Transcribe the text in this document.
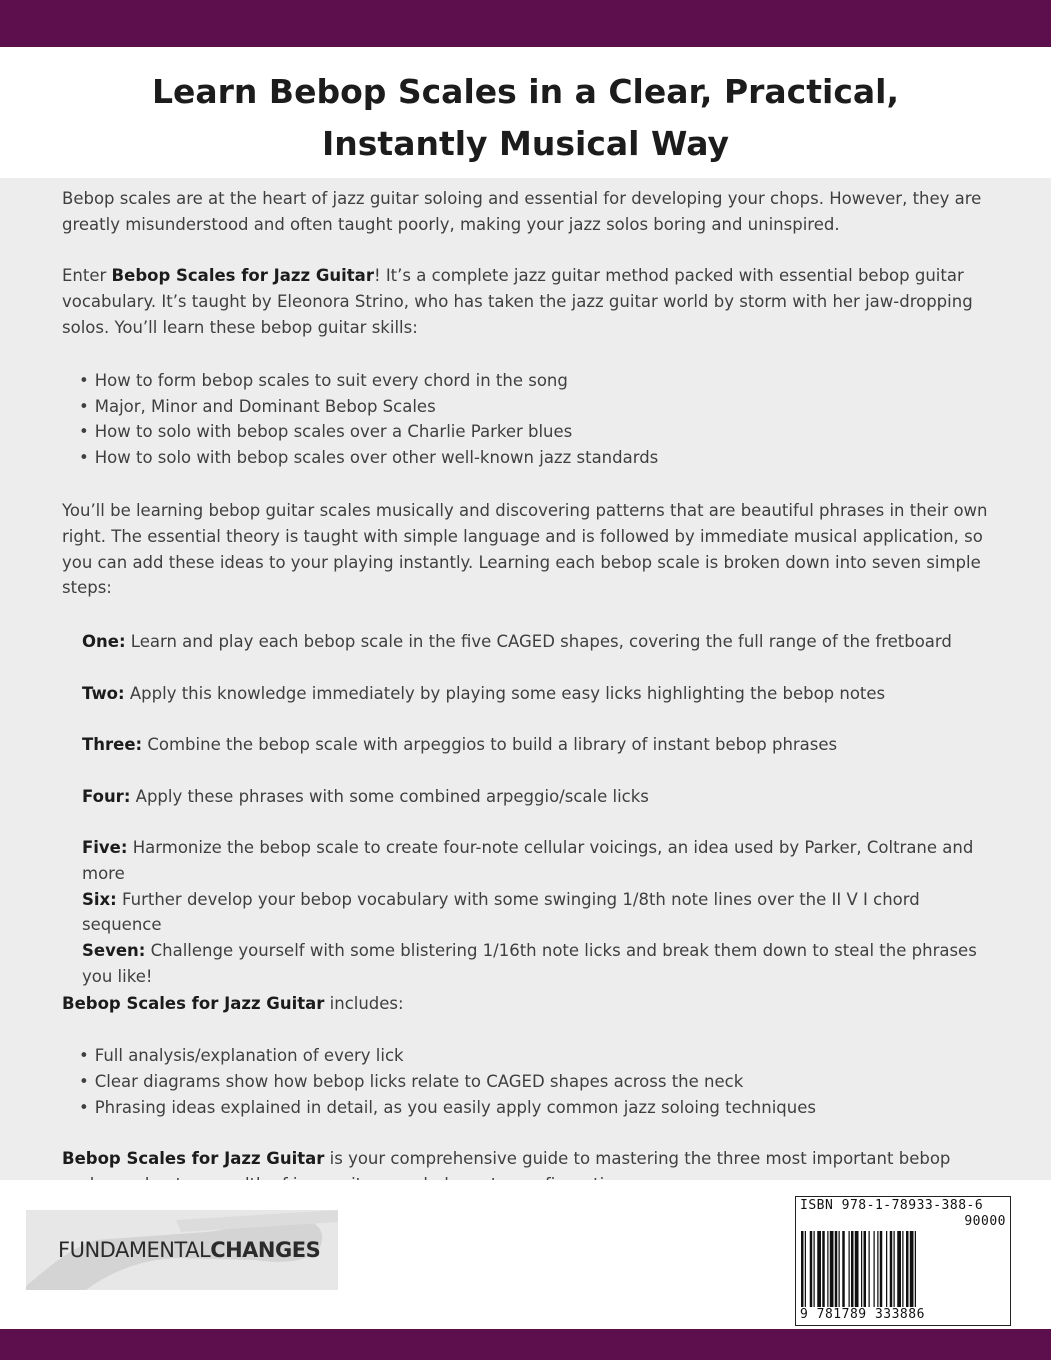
Learn Bebop Scales in a Clear, Practical,
Instantly Musical Way

Bebop scales are at the heart of jazz guitar soloing and essential for developing your chops. However, they are greatly misunderstood and often taught poorly, making your jazz solos boring and uninspired.

Enter Bebop Scales for Jazz Guitar! It’s a complete jazz guitar method packed with essential bebop guitar vocabulary. It’s taught by Eleonora Strino, who has taken the jazz guitar world by storm with her jaw-dropping solos. You’ll learn these bebop guitar skills:

• How to form bebop scales to suit every chord in the song
• Major, Minor and Dominant Bebop Scales
• How to solo with bebop scales over a Charlie Parker blues
• How to solo with bebop scales over other well-known jazz standards

You’ll be learning bebop guitar scales musically and discovering patterns that are beautiful phrases in their own right. The essential theory is taught with simple language and is followed by immediate musical application, so you can add these ideas to your playing instantly. Learning each bebop scale is broken down into seven simple steps:

One: Learn and play each bebop scale in the five CAGED shapes, covering the full range of the fretboard
Two: Apply this knowledge immediately by playing some easy licks highlighting the bebop notes
Three: Combine the bebop scale with arpeggios to build a library of instant bebop phrases
Four: Apply these phrases with some combined arpeggio/scale licks
Five: Harmonize the bebop scale to create four-note cellular voicings, an idea used by Parker, Coltrane and more
Six: Further develop your bebop vocabulary with some swinging 1/8th note lines over the II V I chord sequence
Seven: Challenge yourself with some blistering 1/16th note licks and break them down to steal the phrases you like!

Bebop Scales for Jazz Guitar includes:

• Full analysis/explanation of every lick
• Clear diagrams show how bebop licks relate to CAGED shapes across the neck
• Phrasing ideas explained in detail, as you easily apply common jazz soloing techniques

Bebop Scales for Jazz Guitar is your comprehensive guide to mastering the three most important bebop

FUNDAMENTALCHANGES
ISBN 978-1-78933-388-6
90000
9 781789 333886
